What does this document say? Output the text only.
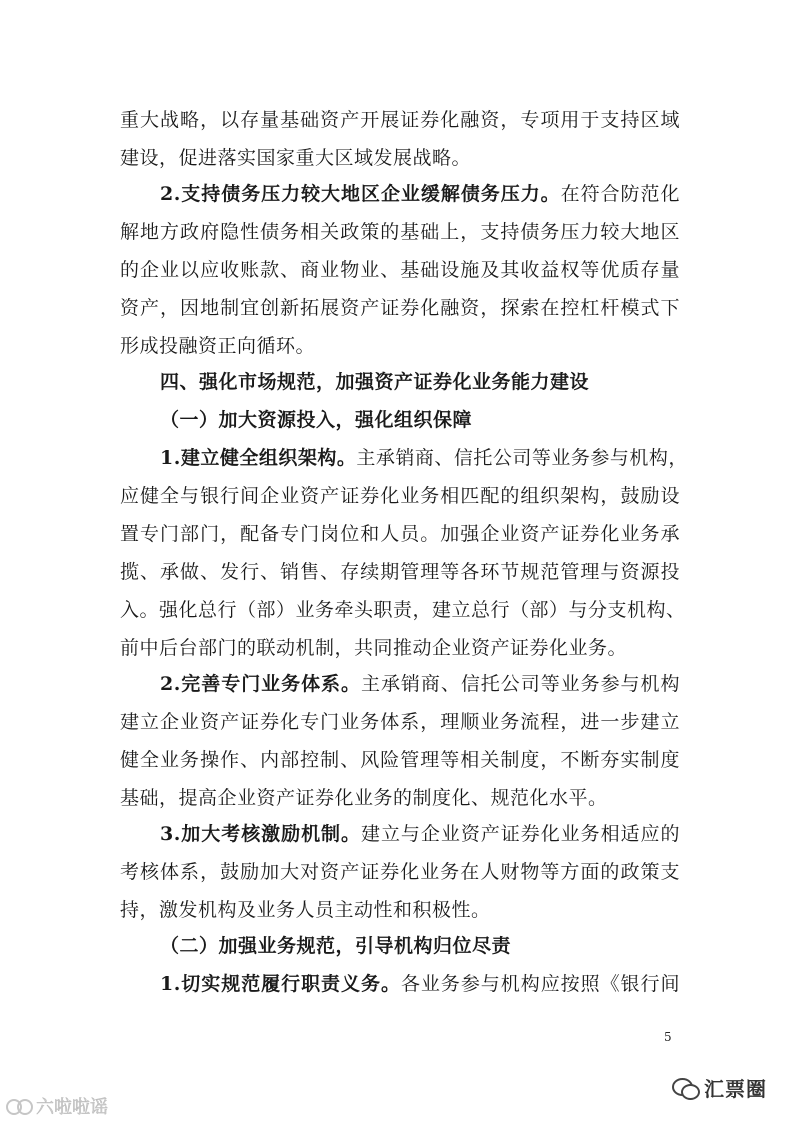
重大战略，以存量基础资产开展证券化融资，专项用于支持区域
建设，促进落实国家重大区域发展战略。
2.支持债务压力较大地区企业缓解债务压力。在符合防范化
解地方政府隐性债务相关政策的基础上，支持债务压力较大地区
的企业以应收账款、商业物业、基础设施及其收益权等优质存量
资产，因地制宜创新拓展资产证券化融资，探索在控杠杆模式下
形成投融资正向循环。
四、强化市场规范，加强资产证券化业务能力建设
（一）加大资源投入，强化组织保障
1.建立健全组织架构。主承销商、信托公司等业务参与机构，
应健全与银行间企业资产证券化业务相匹配的组织架构，鼓励设
置专门部门，配备专门岗位和人员。加强企业资产证券化业务承
揽、承做、发行、销售、存续期管理等各环节规范管理与资源投
入。强化总行（部）业务牵头职责，建立总行（部）与分支机构、
前中后台部门的联动机制，共同推动企业资产证券化业务。
2.完善专门业务体系。主承销商、信托公司等业务参与机构
建立企业资产证券化专门业务体系，理顺业务流程，进一步建立
健全业务操作、内部控制、风险管理等相关制度，不断夯实制度
基础，提高企业资产证券化业务的制度化、规范化水平。
3.加大考核激励机制。建立与企业资产证券化业务相适应的
考核体系，鼓励加大对资产证券化业务在人财物等方面的政策支
持，激发机构及业务人员主动性和积极性。
（二）加强业务规范，引导机构归位尽责
1.切实规范履行职责义务。各业务参与机构应按照《银行间
5
汇票圈
六啦啦谣
